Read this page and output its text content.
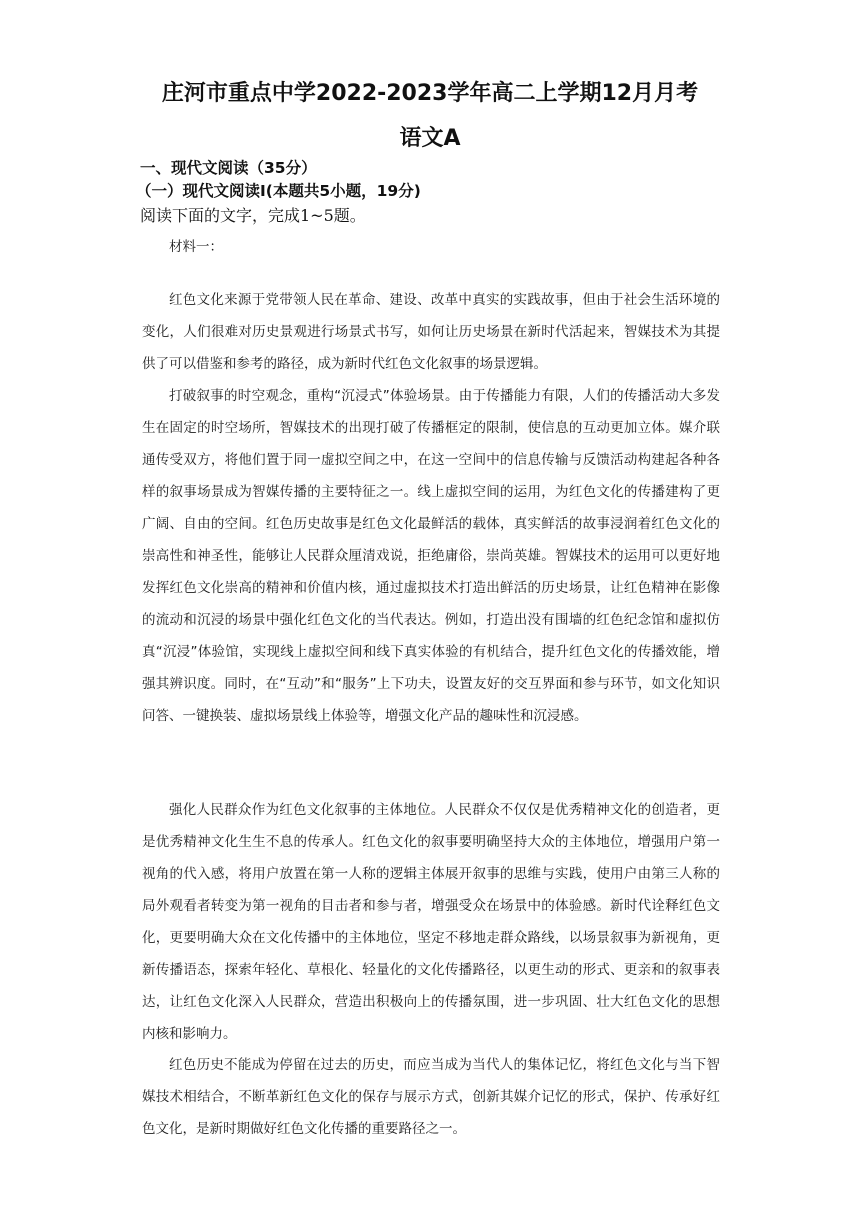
庄河市重点中学2022-2023学年高二上学期12月月考
语文A
一、现代文阅读（35分）
（一）现代文阅读Ⅰ(本题共5小题，19分)

阅读下面的文字，完成1~5题。

材料一：

红色文化来源于党带领人民在革命、建设、改革中真实的实践故事，但由于社会生活环境的变化，人们很难对历史景观进行场景式书写，如何让历史场景在新时代活起来，智媒技术为其提供了可以借鉴和参考的路径，成为新时代红色文化叙事的场景逻辑。

打破叙事的时空观念，重构“沉浸式”体验场景。由于传播能力有限，人们的传播活动大多发生在固定的时空场所，智媒技术的出现打破了传播框定的限制，使信息的互动更加立体。媒介联通传受双方，将他们置于同一虚拟空间之中，在这一空间中的信息传输与反馈活动构建起各种各样的叙事场景成为智媒传播的主要特征之一。线上虚拟空间的运用，为红色文化的传播建构了更广阔、自由的空间。红色历史故事是红色文化最鲜活的载体，真实鲜活的故事浸润着红色文化的崇高性和神圣性，能够让人民群众厘清戏说，拒绝庸俗，崇尚英雄。智媒技术的运用可以更好地发挥红色文化崇高的精神和价值内核，通过虚拟技术打造出鲜活的历史场景，让红色精神在影像的流动和沉浸的场景中强化红色文化的当代表达。例如，打造出没有围墙的红色纪念馆和虚拟仿真“沉浸”体验馆，实现线上虚拟空间和线下真实体验的有机结合，提升红色文化的传播效能，增强其辨识度。同时，在“互动”和“服务”上下功夫，设置友好的交互界面和参与环节，如文化知识问答、一键换装、虚拟场景线上体验等，增强文化产品的趣味性和沉浸感。

强化人民群众作为红色文化叙事的主体地位。人民群众不仅仅是优秀精神文化的创造者，更是优秀精神文化生生不息的传承人。红色文化的叙事要明确坚持大众的主体地位，增强用户第一视角的代入感，将用户放置在第一人称的逻辑主体展开叙事的思维与实践，使用户由第三人称的局外观看者转变为第一视角的目击者和参与者，增强受众在场景中的体验感。新时代诠释红色文化，更要明确大众在文化传播中的主体地位，坚定不移地走群众路线，以场景叙事为新视角，更新传播语态，探索年轻化、草根化、轻量化的文化传播路径，以更生动的形式、更亲和的叙事表达，让红色文化深入人民群众，营造出积极向上的传播氛围，进一步巩固、壮大红色文化的思想内核和影响力。

红色历史不能成为停留在过去的历史，而应当成为当代人的集体记忆，将红色文化与当下智媒技术相结合，不断革新红色文化的保存与展示方式，创新其媒介记忆的形式，保护、传承好红色文化，是新时期做好红色文化传播的重要路径之一。
